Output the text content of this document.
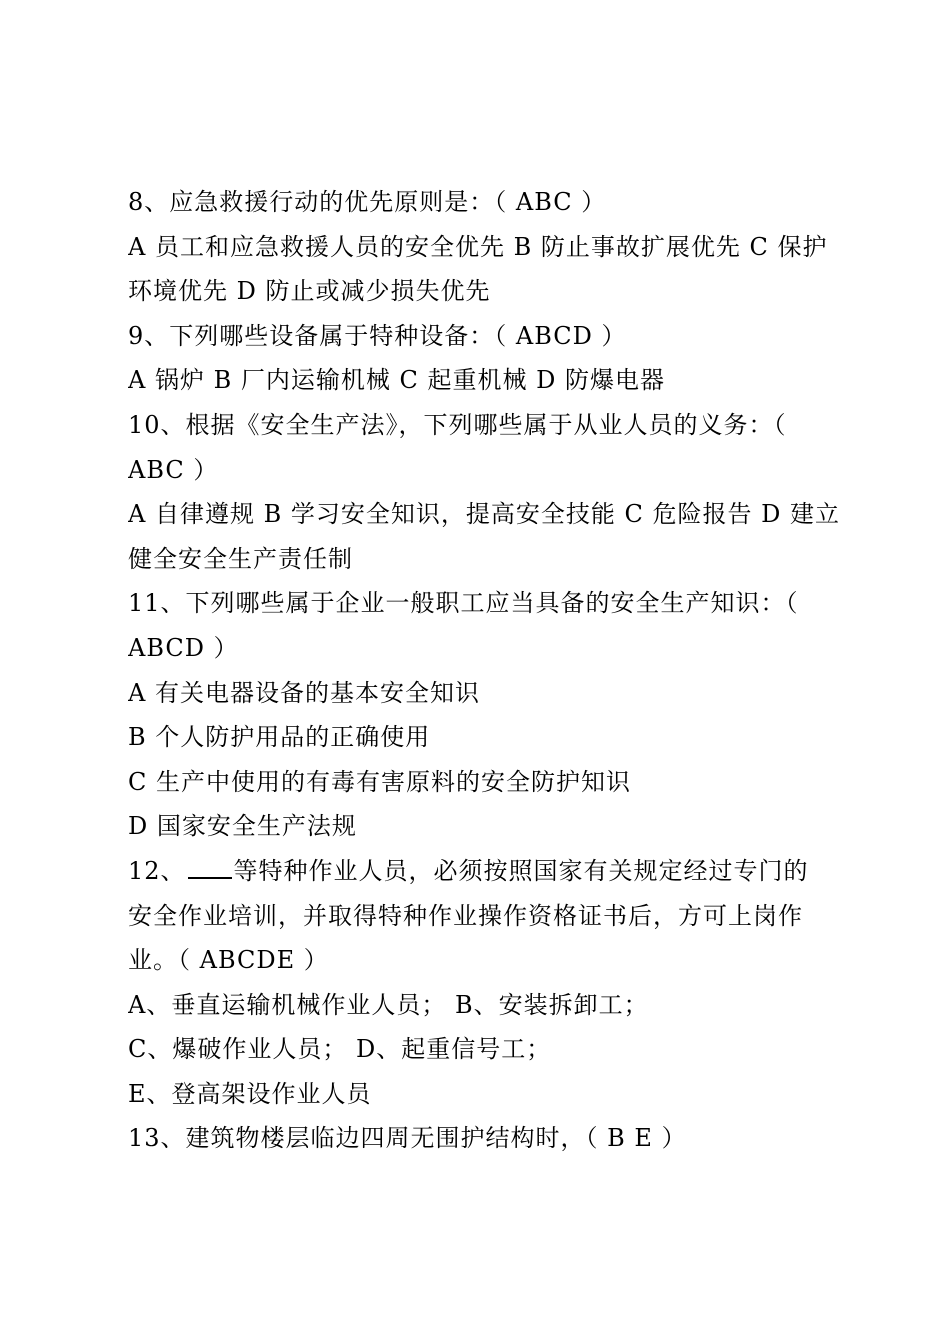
8、应急救援行动的优先原则是：（ ABC ）
A 员工和应急救援人员的安全优先 B 防止事故扩展优先 C 保护
环境优先 D 防止或减少损失优先
9、下列哪些设备属于特种设备：（ ABCD ）
A 锅炉 B 厂内运输机械 C 起重机械 D 防爆电器
10、根据《安全生产法》，下列哪些属于从业人员的义务：（
ABC ）
A 自律遵规 B 学习安全知识，提高安全技能 C 危险报告 D 建立
健全安全生产责任制
11、下列哪些属于企业一般职工应当具备的安全生产知识：（
ABCD ）
A 有关电器设备的基本安全知识
B 个人防护用品的正确使用
C 生产中使用的有毒有害原料的安全防护知识
D 国家安全生产法规
12、 等特种作业人员，必须按照国家有关规定经过专门的
安全作业培训，并取得特种作业操作资格证书后，方可上岗作
业。（ ABCDE ）
A、垂直运输机械作业人员； B、安装拆卸工；
C、爆破作业人员； D、起重信号工；
E、登高架设作业人员
13、建筑物楼层临边四周无围护结构时，（ B E ）
